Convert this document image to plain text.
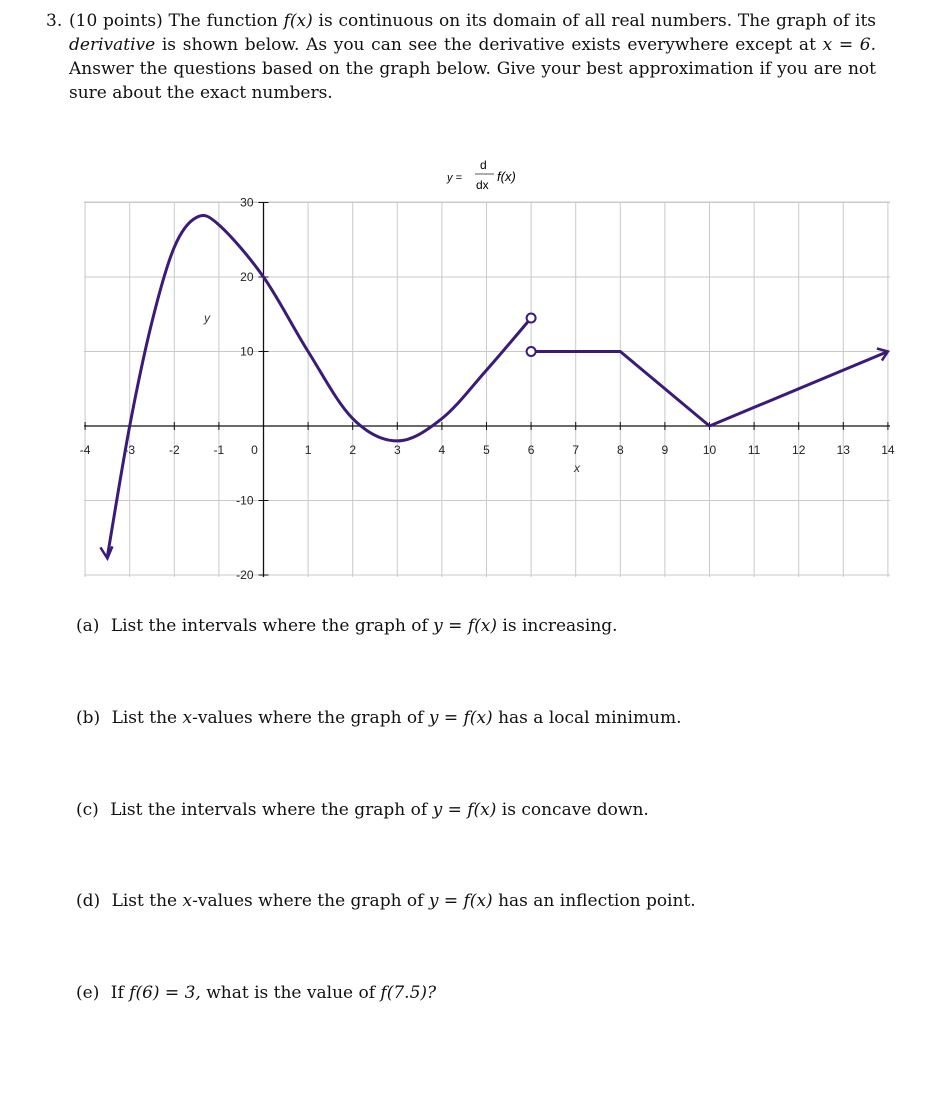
3. (10 points) The function f(x) is continuous on its domain of all real numbers. The graph of its derivative is shown below. As you can see the derivative exists everywhere except at x = 6. Answer the questions based on the graph below. Give your best approximation if you are not sure about the exact numbers.
-4	-3	-2	-1 0	1	2	3	4	5	6	7	8	9	10	11	12	13	14
30
20
10
-10
-20
y =
d
dx
f(x)
x
y
(a) List the intervals where the graph of y = f(x) is increasing.
(b) List the x-values where the graph of y = f(x) has a local minimum.
(c) List the intervals where the graph of y = f(x) is concave down.
(d) List the x-values where the graph of y = f(x) has an inflection point.
(e) If f(6) = 3, what is the value of f(7.5)?
